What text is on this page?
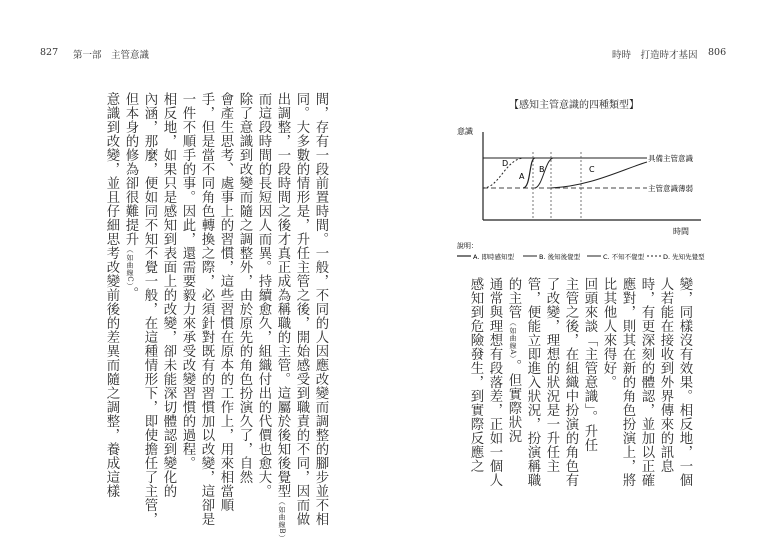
827 第一部　主管意識	時時　打造時才基因 806
間，存有一段前置時間。一般，不同的人因應改變而調整的腳步並不相
同。大多數的情形是，升任主管之後，開始感受到職責的不同，因而做
出調整，一段時間之後才真正成為稱職的主管。這屬於後知後覺型（如曲線B）
而這段時間的長短因人而異。持續愈久，組織付出的代價也愈大。
除了意識到改變而隨之調整外，由於原先的角色扮演久了，自然
會產生思考、處事上的習慣，這些習慣在原本的工作上，用來相當順
手，但是當不同角色轉換之際，必須針對既有的習慣加以改變，這卻是
一件不順手的事。因此，還需要毅力來承受改變習慣的過程。
相反地，如果只是感知到表面上的改變，卻未能深切體認到變化的
內涵，那麼，便如同不知不覺一般，在這種情形下，即使擔任了主管，
但本身的修為卻很難提升（如曲線C）。
意識到改變，並且仔細思考改變前後的差異而隨之調整，養成這樣
【	感知主管意識的四種類型 】
意識
時間
具備主管意識
主管意識薄弱
D
A
B	C
說明：
A. 即時感知型	B. 後知後覺型	C. 不知不覺型	D. 先知先覺型
變，同樣沒有效果。相反地，一個
人若能在接收到外界傳來的訊息
時，有更深刻的體認，並加以正確
應對，則其在新的角色扮演上，將
比其他人來得好。
回頭來談「主管意識」。升任
主管之後，在組織中扮演的角色有
了改變，理想的狀況是一升任主
管，便能立即進入狀況，扮演稱職
的主管（如曲線A）。但實際狀況
通常與理想有段落差，正如一個人
感知到危險發生，到實際反應之
